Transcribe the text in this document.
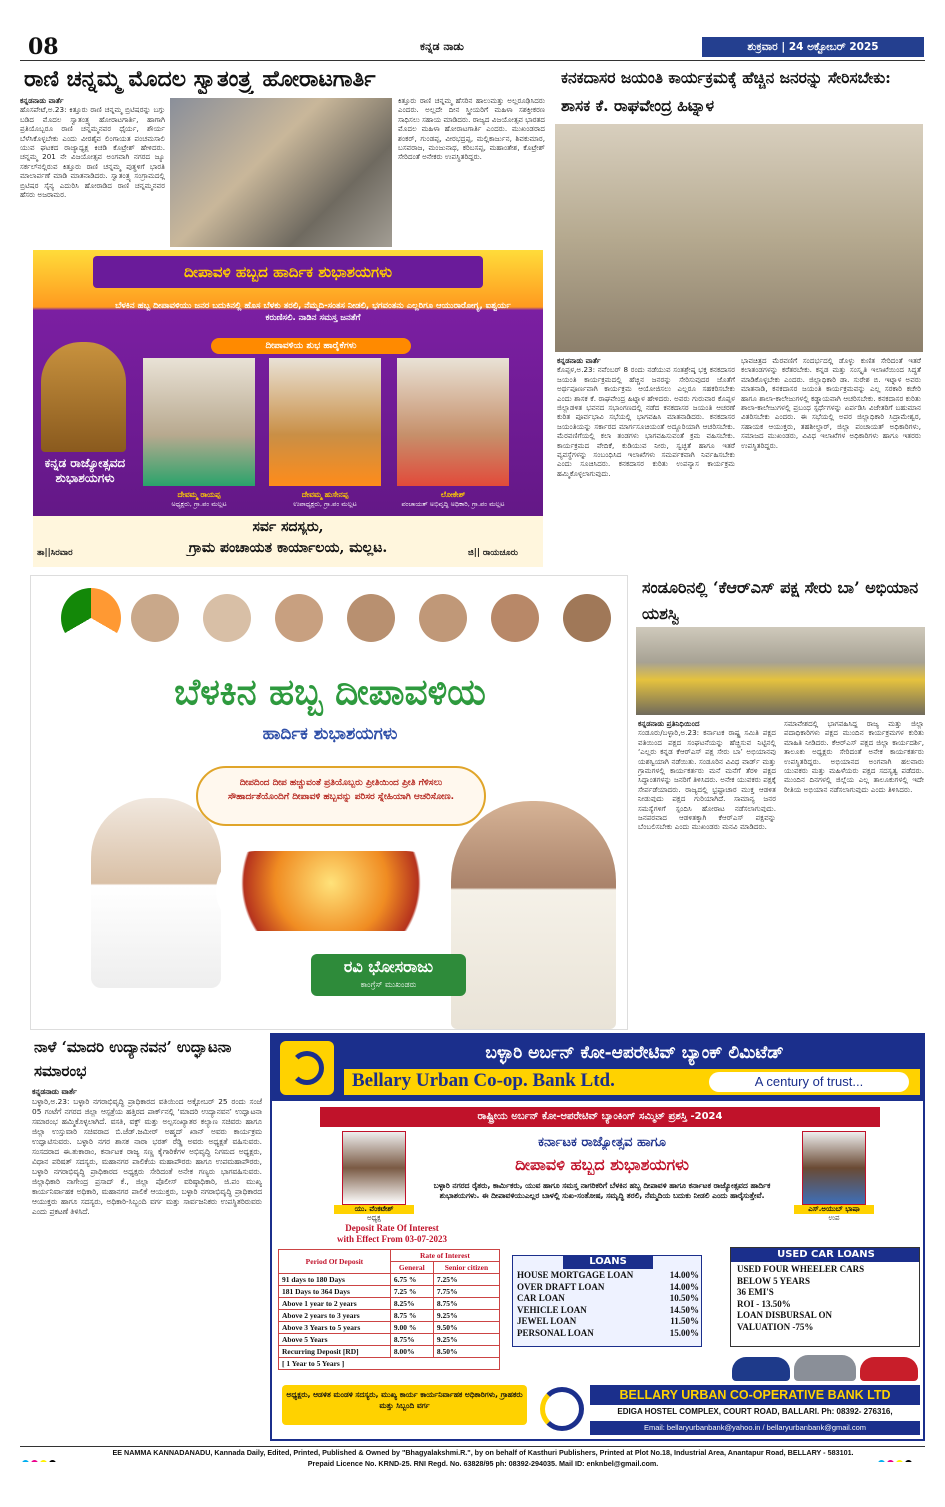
08	ಕನ್ನಡ ನಾಡು	ಶುಕ್ರವಾರ | 24 ಅಕ್ಟೋಬರ್ 2025
ರಾಣಿ ಚನ್ನಮ್ಮ ಮೊದಲ ಸ್ವಾತಂತ್ರ್ಯ ಹೋರಾಟಗಾರ್ತಿ
ಕನ್ನಡನಾಡು ವಾರ್ತೆ
ಹೊಸಪೇಟೆ,ಅ.23: ಕಿತ್ತೂರು ರಾಣಿ ಚನ್ನಮ್ಮ ಬ್ರಿಟಿಷರನ್ನು ಬಗ್ಗು ಬಡಿದ ಮೊದಲ ಸ್ವಾತಂತ್ರ್ಯ ಹೋರಾಟಗಾರ್ತಿ, ಹಾಗಾಗಿ ಪ್ರತಿಯೊಬ್ಬರೂ ರಾಣಿ ಚನ್ನಮ್ಮನವರ ಧೈರ್ಯ, ಶೌರ್ಯ ಬೆಳೆಸಿಕೊಳ್ಳಬೇಕು ಎಂದು ವೀರಶೈವ ಲಿಂಗಾಯತ ಪಂಚಮಸಾಲಿ ಯುವ ಘಟಕದ ರಾಜ್ಯಾಧ್ಯಕ್ಷ ಕಿಚಡಿ ಕೊಟ್ರೇಶ್ ಹೇಳಿದರು. ಚನ್ನಮ್ಮ 201 ನೇ ವಿಜಯೋತ್ಸವ ಅಂಗವಾಗಿ ನಗರದ ಜ್ಯೂ ಸರ್ಕಲ್‍ನಲ್ಲಿರುವ ಕಿತ್ತೂರು ರಾಣಿ ಚನ್ನಮ್ಮ ಪುತ್ಥಳಿಗೆ ಭಾರತಿ ಮಾಲಾರ್ಪಣೆ ಮಾಡಿ ಮಾತನಾಡಿದರು. ಸ್ವಾತಂತ್ರ್ಯ ಸಂಗ್ರಾಮದಲ್ಲಿ ಬ್ರಿಟಿಷರ ಸೈನ್ಯ ಎದುರಿಸಿ ಹೋರಾಡಿದ ರಾಣಿ ಚನ್ನಮ್ಮನವರ ಹೆಸರು ಅಜರಾಮರ.
ಕಿತ್ತೂರು ರಾಣಿ ಚನ್ನಮ್ಮ ಹೆಸರಿನ ಹಾಲುಮತ್ತು ಅಲ್ಲರೂಢಿಸಿದರು ಎಂದರು. ಅಲ್ಲದೇ ದೀನ ಸ್ತ್ರೀಯರಿಗೆ ಮಹಿಳಾ ಸಶಕ್ತೀಕರಣ ಸಾಧಿಸಲು ಸಹಾಯ ಮಾಡಿದರು. ರಾಜ್ಯದ ವಿಜಯೋತ್ಸವ ಭಾರತದ ಮೊದಲ ಮಹಿಳಾ ಹೋರಾಟಗಾರ್ತಿ ಎಂದರು. ಮುಖಂಡರಾದ ಶಂಕರ್, ಗುಂಡಪ್ಪ, ವೀರಭದ್ರಪ್ಪ, ಮಲ್ಲಿಕಾರ್ಜುನ, ಶಿವಕುಮಾರ, ಬಸವರಾಜ, ಮಂಜುನಾಥ, ಕರಿಬಸಪ್ಪ, ಮಹಾಂತೇಶ, ಕೊಟ್ರೇಶ್ ಸೇರಿದಂತೆ ಅನೇಕರು ಉಪಸ್ಥಿತರಿದ್ದರು.
ಕನಕದಾಸರ ಜಯಂತಿ ಕಾರ್ಯಕ್ರಮಕ್ಕೆ ಹೆಚ್ಚಿನ ಜನರನ್ನು ಸೇರಿಸಬೇಕು: ಶಾಸಕ ಕೆ. ರಾಘವೇಂದ್ರ ಹಿಟ್ನಾಳ
ಕನ್ನಡನಾಡು ವಾರ್ತೆ
ಕೊಪ್ಪಳ,ಅ.23: ನವೆಂಬರ್ 8 ರಂದು ನಡೆಯುವ ಸಂತಶ್ರೇಷ್ಠ ಭಕ್ತ ಕನಕದಾಸರ ಜಯಂತಿ ಕಾರ್ಯಕ್ರಮದಲ್ಲಿ ಹೆಚ್ಚಿನ ಜನರನ್ನು ಸೇರಿಸುವುದರ ಜೊತೆಗೆ ಅರ್ಥಪೂರ್ಣವಾಗಿ ಕಾರ್ಯಕ್ರಮ ಆಯೋಜಿಸಲು ಎಲ್ಲರೂ ಸಹಕರಿಸಬೇಕು ಎಂದು ಶಾಸಕ ಕೆ. ರಾಘವೇಂದ್ರ ಹಿಟ್ನಾಳ ಹೇಳಿದರು. ಅವರು ಗುರುವಾರ ಕೊಪ್ಪಳ ಜಿಲ್ಲಾಡಳಿತ ಭವನದ ಸಭಾಂಗಣದಲ್ಲಿ ನಡೆದ ಕನಕದಾಸರ ಜಯಂತಿ ಆಚರಣೆ ಕುರಿತ ಪೂರ್ವಭಾವಿ ಸಭೆಯಲ್ಲಿ ಭಾಗವಹಿಸಿ ಮಾತನಾಡಿದರು. ಕನಕದಾಸರ ಜಯಂತಿಯನ್ನು ಸರ್ಕಾರದ ಮಾರ್ಗಸೂಚಿಯಂತೆ ಅದ್ದೂರಿಯಾಗಿ ಆಚರಿಸಬೇಕು. ಮೆರವಣಿಗೆಯಲ್ಲಿ ಕಲಾ ತಂಡಗಳು ಭಾಗವಹಿಸುವಂತೆ ಕ್ರಮ ವಹಿಸಬೇಕು. ಕಾರ್ಯಕ್ರಮದ ವೇದಿಕೆ, ಕುಡಿಯುವ ನೀರು, ಸ್ವಚ್ಛತೆ ಹಾಗೂ ಇತರೆ ವ್ಯವಸ್ಥೆಗಳನ್ನು ಸಂಬಂಧಿಸಿದ ಇಲಾಖೆಗಳು ಸಮರ್ಪಕವಾಗಿ ನಿರ್ವಹಿಸಬೇಕು ಎಂದು ಸೂಚಿಸಿದರು. ಕನಕದಾಸರ ಕುರಿತು ಉಪನ್ಯಾಸ ಕಾರ್ಯಕ್ರಮ ಹಮ್ಮಿಕೊಳ್ಳಲಾಗುವುದು.
ಭಾವಚಿತ್ರದ ಮೆರವಣಿಗೆ ಸಂದರ್ಭದಲ್ಲಿ ಡೊಳ್ಳು ಕುಣಿತ ಸೇರಿದಂತೆ ಇತರೆ ಕಲಾತಂಡಗಳನ್ನು ಕರೆತರಬೇಕು. ಕನ್ನಡ ಮತ್ತು ಸಂಸ್ಕೃತಿ ಇಲಾಖೆಯಿಂದ ಸಿದ್ಧತೆ ಮಾಡಿಕೊಳ್ಳಬೇಕು ಎಂದರು. ಜಿಲ್ಲಾಧಿಕಾರಿ ಡಾ. ಸುರೇಶ ಬಿ. ಇಟ್ನಾಳ ಅವರು ಮಾತನಾಡಿ, ಕನಕದಾಸರ ಜಯಂತಿ ಕಾರ್ಯಕ್ರಮವನ್ನು ಎಲ್ಲ ಸರಕಾರಿ ಕಚೇರಿ ಹಾಗೂ ಶಾಲಾ-ಕಾಲೇಜುಗಳಲ್ಲಿ ಕಡ್ಡಾಯವಾಗಿ ಆಚರಿಸಬೇಕು. ಕನಕದಾಸರ ಕುರಿತು ಶಾಲಾ-ಕಾಲೇಜುಗಳಲ್ಲಿ ಪ್ರಬಂಧ ಸ್ಪರ್ಧೆಗಳನ್ನು ಏರ್ಪಡಿಸಿ ವಿಜೇತರಿಗೆ ಬಹುಮಾನ ವಿತರಿಸಬೇಕು ಎಂದರು. ಈ ಸಭೆಯಲ್ಲಿ ಅಪರ ಜಿಲ್ಲಾಧಿಕಾರಿ ಸಿದ್ರಾಮೇಶ್ವರ, ಸಹಾಯಕ ಆಯುಕ್ತರು, ತಹಶೀಲ್ದಾರ್, ಜಿಲ್ಲಾ ಪಂಚಾಯತ್ ಅಧಿಕಾರಿಗಳು, ಸಮಾಜದ ಮುಖಂಡರು, ವಿವಿಧ ಇಲಾಖೆಗಳ ಅಧಿಕಾರಿಗಳು ಹಾಗೂ ಇತರರು ಉಪಸ್ಥಿತರಿದ್ದರು.
ದೀಪಾವಳಿ ಹಬ್ಬದ ಹಾರ್ದಿಕ ಶುಭಾಶಯಗಳು
ಬೆಳಕಿನ ಹಬ್ಬ ದೀಪಾವಳಿಯು ಜನರ ಬದುಕಿನಲ್ಲಿ ಹೊಸ ಬೆಳಕು ತರಲಿ, ನೆಮ್ಮದಿ-ಸಂತಸ ನೀಡಲಿ, ಭಗವಂತನು ಎಲ್ಲರಿಗೂ ಆಯುರಾರೋಗ್ಯ, ಐಶ್ವರ್ಯ ಕರುಣಿಸಲಿ. ನಾಡಿನ ಸಮಸ್ತ ಜನತೆಗೆ
ದೀಪಾವಳಿಯ ಶುಭ ಹಾರೈಕೆಗಳು
ಕನ್ನಡ ರಾಜ್ಯೋತ್ಸವದ ಶುಭಾಶಯಗಳು
ದೇವಮ್ಮ ರಾಯಪ್ಪ
ಅಧ್ಯಕ್ಷರು, ಗ್ರಾ.ಪಂ ಮಲ್ಲಟ
ದೇವಮ್ಮ ಹುಸೇನಪ್ಪ
ಉಪಾಧ್ಯಕ್ಷರು, ಗ್ರಾ.ಪಂ ಮಲ್ಲಟ
ಲೋಕೇಶ್
ಪಂಚಾಯತ್ ಅಭಿವೃದ್ಧಿ ಅಧಿಕಾರಿ, ಗ್ರಾ.ಪಂ ಮಲ್ಲಟ
ಸರ್ವ ಸದಸ್ಯರು,
ಗ್ರಾಮ ಪಂಚಾಯತ ಕಾರ್ಯಾಲಯ, ಮಲ್ಲಟ.
ತಾ||ಸಿರವಾರ	ಜಿ|| ರಾಯಚೂರು
ಬೆಳಕಿನ ಹಬ್ಬ ದೀಪಾವಳಿಯ
ಹಾರ್ದಿಕ ಶುಭಾಶಯಗಳು
ದೀಪದಿಂದ ದೀಪ ಹಚ್ಚುವಂತೆ ಪ್ರತಿಯೊಬ್ಬರು ಪ್ರೀತಿಯಿಂದ ಪ್ರೀತಿ ಗೆಳಿಸಲು ಸೌಹಾರ್ದತೆಯೊಂದಿಗೆ ದೀಪಾವಳಿ ಹಬ್ಬವನ್ನು ಪರಿಸರ ಸ್ನೇಹಿಯಾಗಿ ಆಚರಿಸೋಣ.
ರವಿ ಭೋಸರಾಜು
ಕಾಂಗ್ರೆಸ್ ಮುಖಂಡರು
ಸಂಡೂರಿನಲ್ಲಿ ‘ಕೆಆರ್‌ಎಸ್ ಪಕ್ಷ ಸೇರು ಬಾ’ ಅಭಿಯಾನ ಯಶಸ್ವಿ
ಕನ್ನಡನಾಡು ಪ್ರತಿನಿಧಿಯಿಂದ
ಸಂಡೂರು/ಬಳ್ಳಾರಿ,ಅ.23: ಕರ್ನಾಟಕ ರಾಷ್ಟ್ರ ಸಮಿತಿ ಪಕ್ಷದ ವತಿಯಿಂದ ಪಕ್ಷದ ಸಂಘಟನೆಯನ್ನು ಹೆಚ್ಚಿಸುವ ನಿಟ್ಟಿನಲ್ಲಿ ‘ಎಲ್ಲರು ಕನ್ನಡ ಕೆಆರ್‌ಎಸ್ ಪಕ್ಷ ಸೇರು ಬಾ’ ಅಭಿಯಾನವು ಯಶಸ್ವಿಯಾಗಿ ನಡೆಯಿತು. ಸಂಡೂರಿನ ವಿವಿಧ ವಾರ್ಡ್ ಮತ್ತು ಗ್ರಾಮಗಳಲ್ಲಿ ಕಾರ್ಯಕರ್ತರು ಮನೆ ಮನೆಗೆ ತೆರಳಿ ಪಕ್ಷದ ಸಿದ್ಧಾಂತಗಳನ್ನು ಜನರಿಗೆ ತಿಳಿಸಿದರು. ಅನೇಕ ಯುವಕರು ಪಕ್ಷಕ್ಕೆ ಸೇರ್ಪಡೆಯಾದರು. ರಾಜ್ಯದಲ್ಲಿ ಭ್ರಷ್ಟಾಚಾರ ಮುಕ್ತ ಆಡಳಿತ ನೀಡುವುದು ಪಕ್ಷದ ಗುರಿಯಾಗಿದೆ. ಸಾಮಾನ್ಯ ಜನರ ಸಮಸ್ಯೆಗಳಿಗೆ ಸ್ಪಂದಿಸಿ ಹೋರಾಟ ನಡೆಸಲಾಗುವುದು. ಜನಪರವಾದ ಆಡಳಿತಕ್ಕಾಗಿ ಕೆಆರ್‌ಎಸ್ ಪಕ್ಷವನ್ನು ಬೆಂಬಲಿಸಬೇಕು ಎಂದು ಮುಖಂಡರು ಮನವಿ ಮಾಡಿದರು.
ಸಮಾವೇಶದಲ್ಲಿ ಭಾಗವಹಿಸಿದ್ದ ರಾಜ್ಯ ಮತ್ತು ಜಿಲ್ಲಾ ಪದಾಧಿಕಾರಿಗಳು ಪಕ್ಷದ ಮುಂದಿನ ಕಾರ್ಯಕ್ರಮಗಳ ಕುರಿತು ಮಾಹಿತಿ ನೀಡಿದರು. ಕೆಆರ್‌ಎಸ್ ಪಕ್ಷದ ಜಿಲ್ಲಾ ಕಾರ್ಯದರ್ಶಿ, ತಾಲೂಕು ಅಧ್ಯಕ್ಷರು ಸೇರಿದಂತೆ ಅನೇಕ ಕಾರ್ಯಕರ್ತರು ಉಪಸ್ಥಿತರಿದ್ದರು. ಅಭಿಯಾನದ ಅಂಗವಾಗಿ ಹಲವಾರು ಯುವಕರು ಮತ್ತು ಮಹಿಳೆಯರು ಪಕ್ಷದ ಸದಸ್ಯತ್ವ ಪಡೆದರು. ಮುಂದಿನ ದಿನಗಳಲ್ಲಿ ಜಿಲ್ಲೆಯ ಎಲ್ಲ ತಾಲೂಕುಗಳಲ್ಲಿ ಇದೇ ರೀತಿಯ ಅಭಿಯಾನ ನಡೆಸಲಾಗುವುದು ಎಂದು ತಿಳಿಸಿದರು.
ನಾಳೆ ‘ಮಾದರಿ ಉದ್ಯಾನವನ’ ಉದ್ಘಾಟನಾ ಸಮಾರಂಭ
ಕನ್ನಡನಾಡು ವಾರ್ತೆ
ಬಳ್ಳಾರಿ,ಅ.23: ಬಳ್ಳಾರಿ ನಗರಾಭಿವೃದ್ಧಿ ಪ್ರಾಧಿಕಾರದ ವತಿಯಿಂದ ಅಕ್ಟೋಬರ್ 25 ರಂದು ಸಂಜೆ 05 ಗಂಟೆಗೆ ನಗರದ ಜಿಲ್ಲಾ ಆಸ್ಪತ್ರೆಯ ಹತ್ತಿರದ ಪಾರ್ಕ್‍ನಲ್ಲಿ ‘ಮಾದರಿ ಉದ್ಯಾನವನ’ ಉದ್ಘಾಟನಾ ಸಮಾರಂಭ ಹಮ್ಮಿಕೊಳ್ಳಲಾಗಿದೆ. ವಸತಿ, ವಕ್ಫ್ ಮತ್ತು ಅಲ್ಪಸಂಖ್ಯಾತರ ಕಲ್ಯಾಣ ಸಚಿವರು ಹಾಗೂ ಜಿಲ್ಲಾ ಉಸ್ತುವಾರಿ ಸಚಿವರಾದ ಬಿ.ಜೆಡ್.ಜಮೀರ್ ಅಹ್ಮದ್ ಖಾನ್ ಅವರು ಕಾರ್ಯಕ್ರಮ ಉದ್ಘಾಟಿಸುವರು. ಬಳ್ಳಾರಿ ನಗರ ಶಾಸಕ ನಾರಾ ಭರತ್ ರೆಡ್ಡಿ ಅವರು ಅಧ್ಯಕ್ಷತೆ ವಹಿಸುವರು. ಸಂಸದರಾದ ಈ.ತುಕಾರಾಂ, ಕರ್ನಾಟಕ ರಾಜ್ಯ ಸಣ್ಣ ಕೈಗಾರಿಕೆಗಳ ಅಭಿವೃದ್ಧಿ ನಿಗಮದ ಅಧ್ಯಕ್ಷರು, ವಿಧಾನ ಪರಿಷತ್ ಸದಸ್ಯರು, ಮಹಾನಗರ ಪಾಲಿಕೆಯ ಮಹಾಪೌರರು ಹಾಗೂ ಉಪಮಹಾಪೌರರು, ಬಳ್ಳಾರಿ ನಗರಾಭಿವೃದ್ಧಿ ಪ್ರಾಧಿಕಾರದ ಅಧ್ಯಕ್ಷರು ಸೇರಿದಂತೆ ಅನೇಕ ಗಣ್ಯರು ಭಾಗವಹಿಸುವರು. ಜಿಲ್ಲಾಧಿಕಾರಿ ನಾಗೇಂದ್ರ ಪ್ರಸಾದ್ ಕೆ., ಜಿಲ್ಲಾ ಪೊಲೀಸ್ ವರಿಷ್ಠಾಧಿಕಾರಿ, ಜಿ.ಪಂ ಮುಖ್ಯ ಕಾರ್ಯನಿರ್ವಾಹಕ ಅಧಿಕಾರಿ, ಮಹಾನಗರ ಪಾಲಿಕೆ ಆಯುಕ್ತರು, ಬಳ್ಳಾರಿ ನಗರಾಭಿವೃದ್ಧಿ ಪ್ರಾಧಿಕಾರದ ಆಯುಕ್ತರು ಹಾಗೂ ಸದಸ್ಯರು, ಅಧಿಕಾರಿ-ಸಿಬ್ಬಂದಿ ವರ್ಗ ಮತ್ತು ಸಾರ್ವಜನಿಕರು ಉಪಸ್ಥಿತರಿರುವರು ಎಂದು ಪ್ರಕಟಣೆ ತಿಳಿಸಿದೆ.
ಬಳ್ಳಾರಿ ಅರ್ಬನ್ ಕೋ-ಆಪರೇಟಿವ್ ಬ್ಯಾಂಕ್ ಲಿಮಿಟೆಡ್
Bellary Urban Co-op. Bank Ltd.	A century of trust...
ರಾಷ್ಟ್ರೀಯ ಅರ್ಬನ್ ಕೋ-ಆಪರೇಟಿವ್ ಬ್ಯಾಂಕಿಂಗ್ ಸಮ್ಮಿಟ್ ಪ್ರಶಸ್ತಿ -2024
ಯು. ವೆಂಕಟೇಶ್
ಅಧ್ಯಕ್ಷ
ಎಸ್‌.ಅಯುಬ್ ಭಾಷಾ
ಉಪ
ಕರ್ನಾಟಕ ರಾಜ್ಯೋತ್ಸವ ಹಾಗೂ
ದೀಪಾವಳಿ ಹಬ್ಬದ ಶುಭಾಶಯಗಳು
ಬಳ್ಳಾರಿ ನಗರದ ರೈತರು, ಕಾರ್ಮಿಕರು, ಯುವ ಹಾಗೂ ಸಮಸ್ತ ನಾಗರಿಕರಿಗೆ ಬೆಳಕಿನ ಹಬ್ಬ ದೀಪಾವಳಿ ಹಾಗೂ ಕರ್ನಾಟಕ ರಾಜ್ಯೋತ್ಸವದ ಹಾರ್ದಿಕ ಶುಭಾಶಯಗಳು. ಈ ದೀಪಾವಳಿಯುಎಲ್ಲರ ಬಾಳಲ್ಲಿ ಸುಖ-ಸಂತೋಷ, ಸಮೃದ್ಧಿ ತರಲಿ, ನೆಮ್ಮದಿಯ ಬದುಕು ನೀಡಲಿ ಎಂದು ಹಾರೈಸುತ್ತೇವೆ.
Deposit Rate Of Interest
with Effect From 03-07-2023
Period Of Deposit	Rate of Interest	
	General	Senior citizen
91 days to 180 Days	6.75 %	7.25%
181 Days to 364 Days	7.25 %	7.75%
Above 1 year to 2 years	8.25%	8.75%
Above 2 years to 3 years	8.75 %	9.25%
Above 3 Years to 5 years	9.00 %	9.50%
Above 5 Years	8.75%	9.25%
Recurring Deposit [RD]	8.00%	8.50%
[ 1 Year to 5 Years ]		
LOANS
HOUSE MORTGAGE LOAN	14.00%
OVER DRAFT LOAN	14.00%
CAR LOAN	10.50%
VEHICLE LOAN	14.50%
JEWEL LOAN	11.50%
PERSONAL LOAN	15.00%
USED CAR LOANS
USED FOUR WHEELER CARS
BELOW 5 YEARS
36 EMI'S
ROI - 13.50%
LOAN DISBURSAL ON
VALUATION -75%
ಅಧ್ಯಕ್ಷರು, ಆಡಳಿತ ಮಂಡಳಿ ಸದಸ್ಯರು, ಮುಖ್ಯ ಕಾರ್ಯ ಕಾರ್ಯನಿರ್ವಾಹಕ ಅಧಿಕಾರಿಗಳು, ಗ್ರಾಹಕರು ಮತ್ತು ಸಿಬ್ಬಂದಿ ವರ್ಗ
BELLARY URBAN CO-OPERATIVE BANK LTD
EDIGA HOSTEL COMPLEX, COURT ROAD, BALLARI. Ph: 08392- 276316,
Email: bellaryurbanbank@yahoo.in / bellaryurbanbank@gmail.com
EE NAMMA KANNADANADU, Kannada Daily, Edited, Printed, Published & Owned by "Bhagyalakshmi.R.", by on behalf of Kasthuri Publishers, Printed at Plot No.18, Industrial Area, Anantapur Road, BELLARY - 583101.
Prepaid Licence No. KRND-25. RNI Regd. No. 63828/95 ph: 08392-294035. Mail ID: enknbel@gmail.com.
